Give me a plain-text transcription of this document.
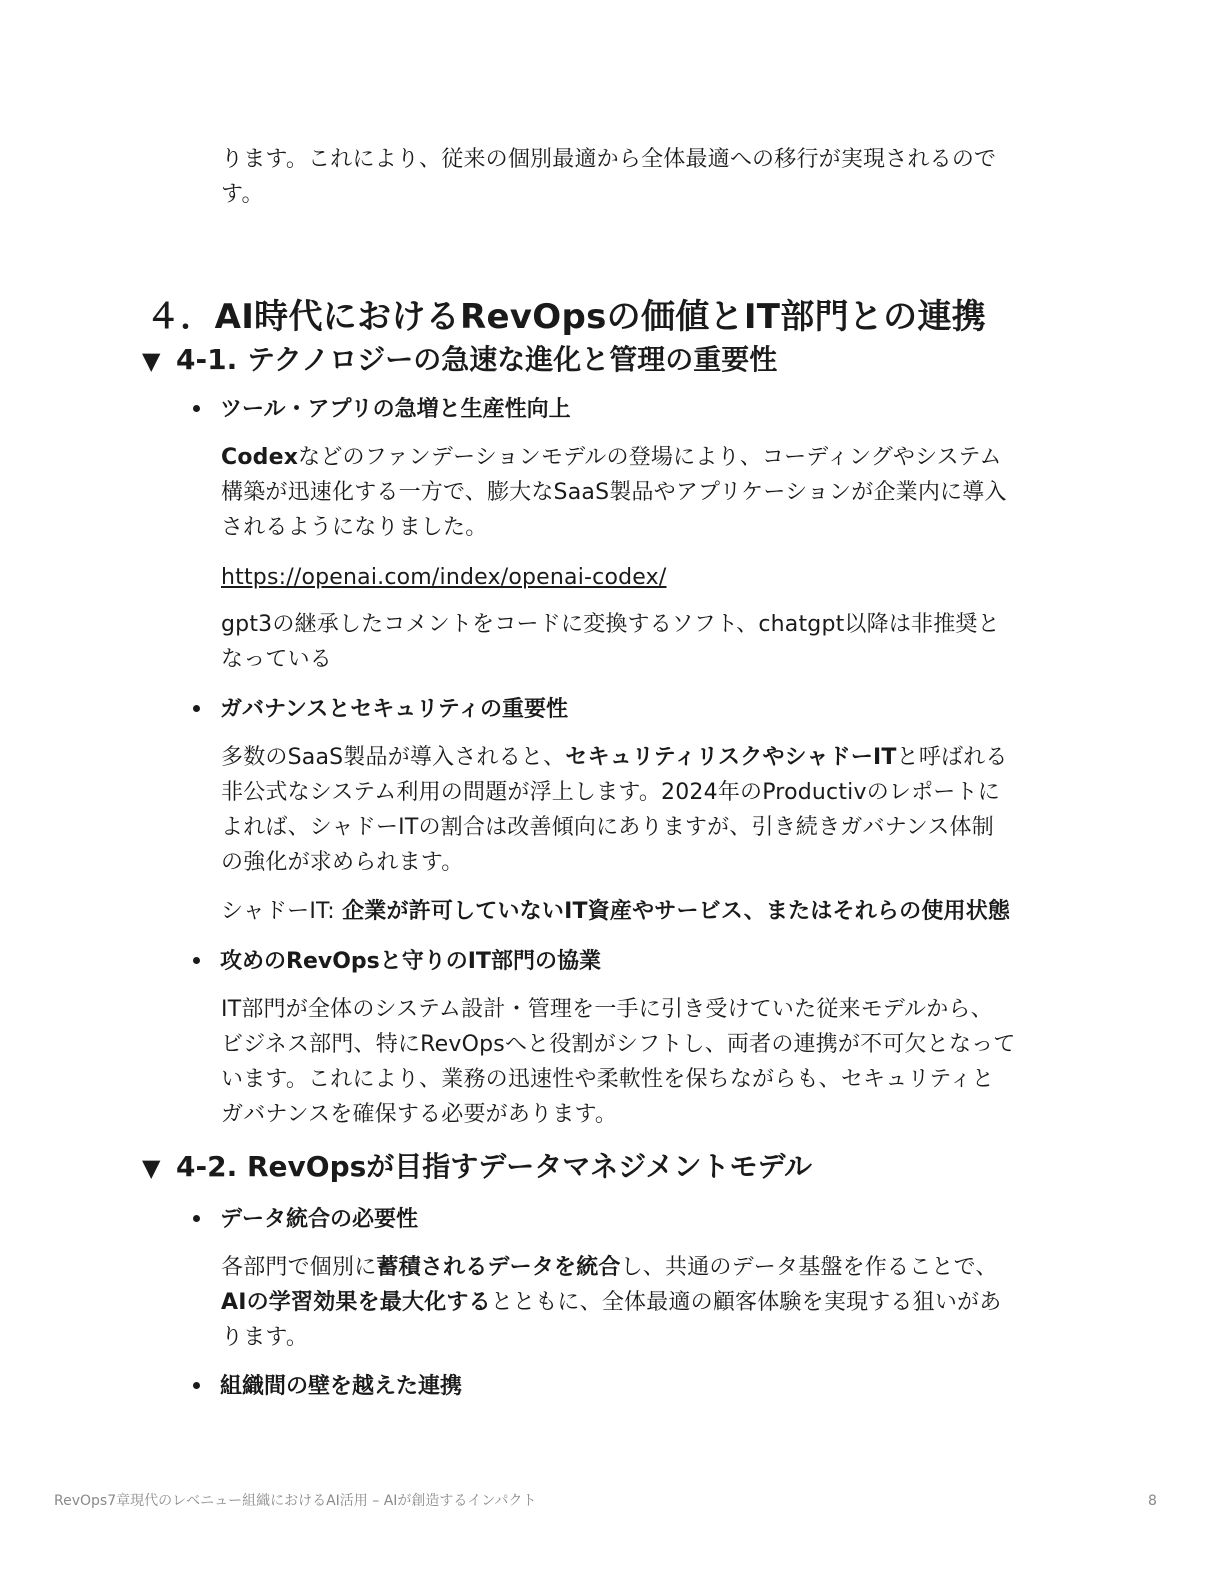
ります。これにより、従来の個別最適から全体最適への移行が実現されるので
す。

４．AI時代におけるRevOpsの価値とIT部門との連携
▼ 4-1. テクノロジーの急速な進化と管理の重要性
ツール・アプリの急増と生産性向上

Codexなどのファンデーションモデルの登場により、コーディングやシステム
構築が迅速化する一方で、膨大なSaaS製品やアプリケーションが企業内に導入
されるようになりました。

https://openai.com/index/openai-codex/

gpt3の継承したコメントをコードに変換するソフト、chatgpt以降は非推奨と
なっている

ガバナンスとセキュリティの重要性

多数のSaaS製品が導入されると、セキュリティリスクやシャドーITと呼ばれる
非公式なシステム利用の問題が浮上します。2024年のProductivのレポートに
よれば、シャドーITの割合は改善傾向にありますが、引き続きガバナンス体制
の強化が求められます。

シャドーIT: 企業が許可していないIT資産やサービス、またはそれらの使用状態

攻めのRevOpsと守りのIT部門の協業

IT部門が全体のシステム設計・管理を一手に引き受けていた従来モデルから、
ビジネス部門、特にRevOpsへと役割がシフトし、両者の連携が不可欠となって
います。これにより、業務の迅速性や柔軟性を保ちながらも、セキュリティと
ガバナンスを確保する必要があります。

▼ 4-2. RevOpsが目指すデータマネジメントモデル
データ統合の必要性

各部門で個別に蓄積されるデータを統合し、共通のデータ基盤を作ることで、
AIの学習効果を最大化するとともに、全体最適の顧客体験を実現する狙いがあ
ります。

組織間の壁を越えた連携
RevOps7章現代のレベニュー組織におけるAI活用 – AIが創造するインパクト	8
